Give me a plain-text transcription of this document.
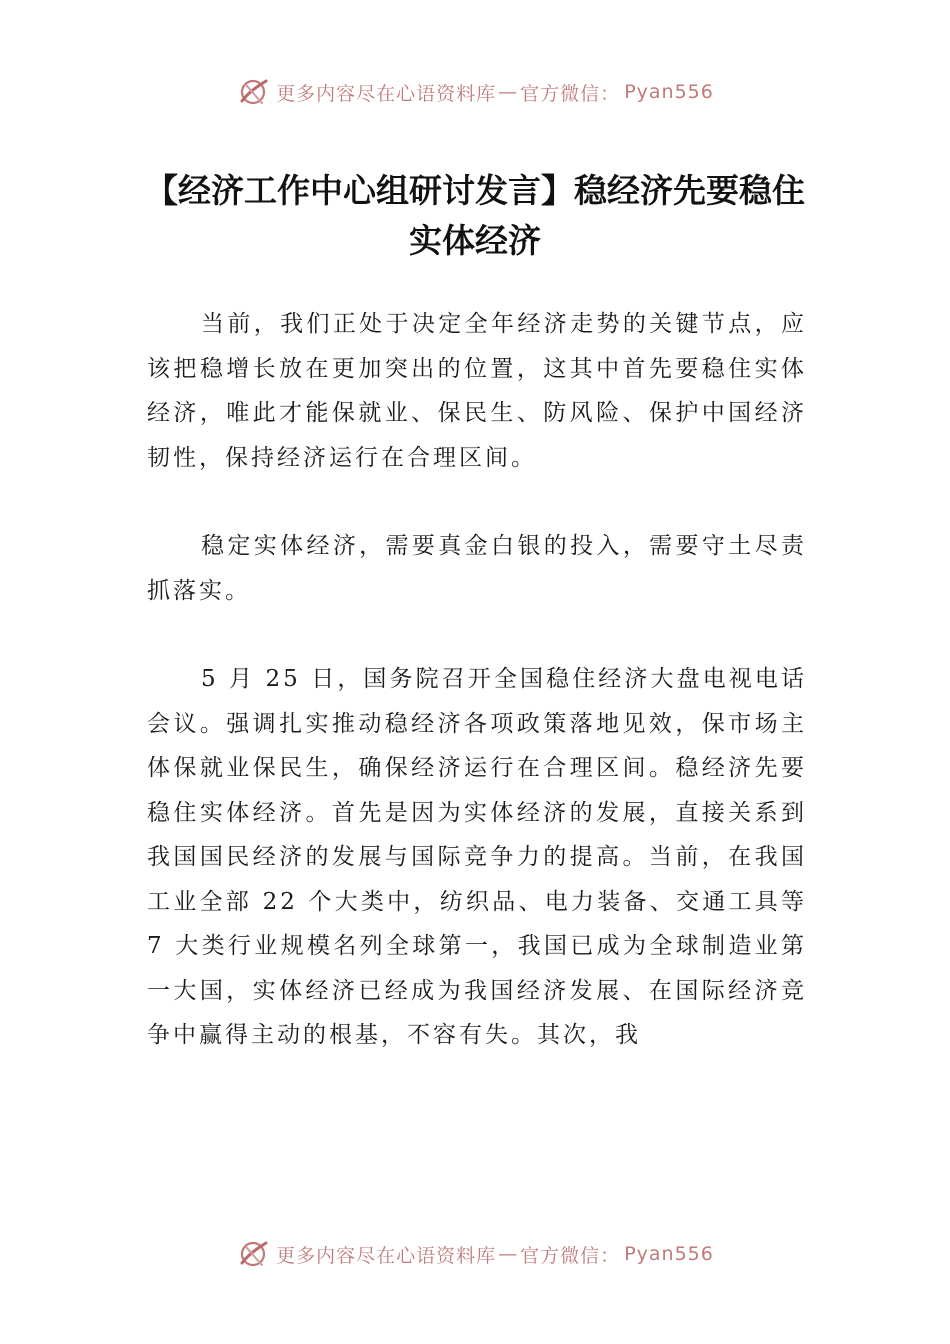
更多内容尽在心语资料库 — 官方微信： Pyan556
【经济工作中心组研讨发言】稳经济先要稳住实体经济

当前，我们正处于决定全年经济走势的关键节点，应该把稳增长放在更加突出的位置，这其中首先要稳住实体经济，唯此才能保就业、保民生、防风险、保护中国经济韧性，保持经济运行在合理区间。

稳定实体经济，需要真金白银的投入，需要守土尽责抓落实。

5 月 25 日，国务院召开全国稳住经济大盘电视电话会议。强调扎实推动稳经济各项政策落地见效，保市场主体保就业保民生，确保经济运行在合理区间。稳经济先要稳住实体经济。首先是因为实体经济的发展，直接关系到我国国民经济的发展与国际竞争力的提高。当前，在我国工业全部 22 个大类中，纺织品、电力装备、交通工具等 7 大类行业规模名列全球第一，我国已成为全球制造业第一大国，实体经济已经成为我国经济发展、在国际经济竞争中赢得主动的根基，不容有失。其次，我

更多内容尽在心语资料库 — 官方微信： Pyan556
